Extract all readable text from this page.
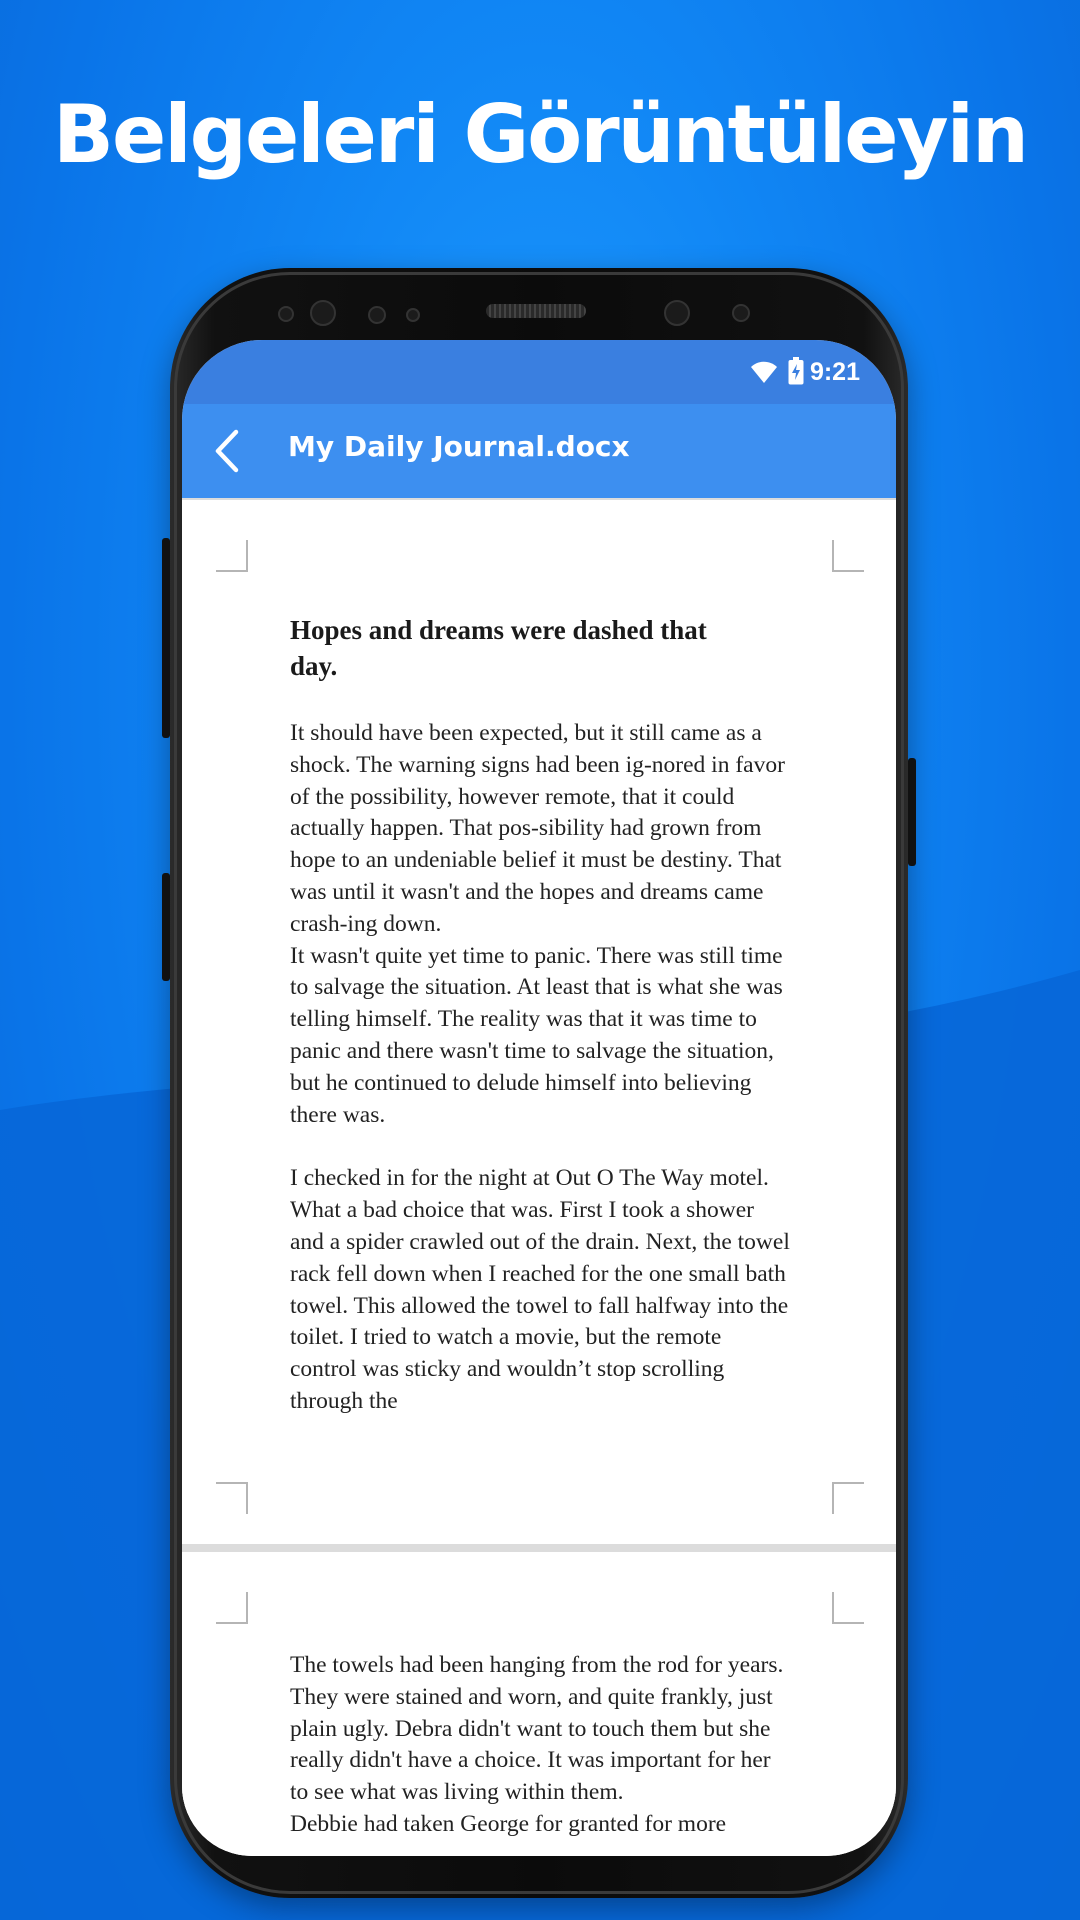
Belgeleri Görüntüleyin
9:21
My Daily Journal.docx
Hopes and dreams were dashed that day.

It should have been expected, but it still came as a shock. The warning signs had been ig-nored in favor of the possibility, however remote, that it could actually happen. That pos-sibility had grown from hope to an undeniable belief it must be destiny. That was until it wasn't and the hopes and dreams came crash-ing down.

It wasn't quite yet time to panic. There was still time to salvage the situation. At least that is what she was telling himself. The reality was that it was time to panic and there wasn't time to salvage the situation, but he continued to delude himself into believing there was.

I checked in for the night at Out O The Way motel. What a bad choice that was. First I took a shower and a spider crawled out of the drain. Next, the towel rack fell down when I reached for the one small bath towel. This allowed the towel to fall halfway into the toilet. I tried to watch a movie, but the remote control was sticky and wouldn’t stop scrolling through the

The towels had been hanging from the rod for years. They were stained and worn, and quite frankly, just plain ugly. Debra didn't want to touch them but she really didn't have a choice. It was important for her to see what was living within them.

Debbie had taken George for granted for more
